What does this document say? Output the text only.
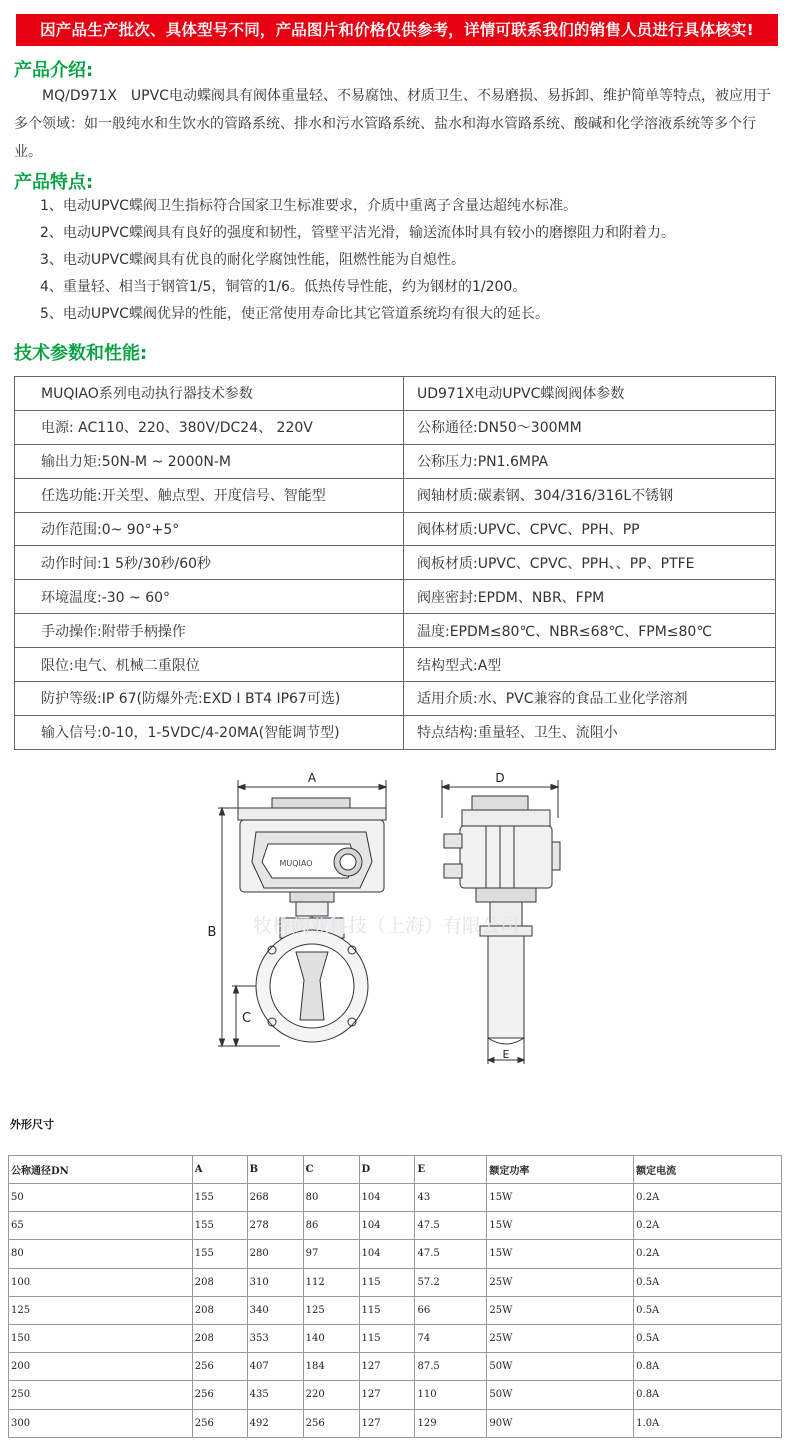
因产品生产批次、具体型号不同，产品图片和价格仅供参考，详情可联系我们的销售人员进行具体核实!
产品介绍:

　　MQ/D971X　UPVC电动蝶阀具有阀体重量轻、不易腐蚀、材质卫生、不易磨损、易拆卸、维护简单等特点，被应用于多个领域：如一般纯水和生饮水的管路系统、排水和污水管路系统、盐水和海水管路系统、酸碱和化学溶液系统等多个行业。

产品特点:
1、电动UPVC蝶阀卫生指标符合国家卫生标准要求，介质中重离子含量达超纯水标准。
2、电动UPVC蝶阀具有良好的强度和韧性，管壁平洁光滑，输送流体时具有较小的磨擦阻力和附着力。
3、电动UPVC蝶阀具有优良的耐化学腐蚀性能，阻燃性能为自熄性。
4、重量轻、相当于钢管1/5，铜管的1/6。低热传导性能，约为钢材的1/200。
5、电动UPVC蝶阀优异的性能，使正常使用寿命比其它管道系统均有很大的延长。
技术参数和性能:
MUQIAO系列电动执行器技术参数	UD971X电动UPVC蝶阀阀体参数
电源: AC110、220、380V/DC24、 220V	公称通径:DN50〜300MM
输出力矩:50N-M ~ 2000N-M	公称压力:PN1.6MPA
任选功能:开关型、触点型、开度信号、智能型	阀轴材质:碳素钢、304/316/316L不锈钢
动作范围:0~ 90°+5°	阀体材质:UPVC、CPVC、PPH、PP
动作时间:1 5秒/30秒/60秒	阀板材质:UPVC、CPVC、PPH、、PP、PTFE
环境温度:-30 ~ 60°	阀座密封:EPDM、NBR、FPM
手动操作:附带手柄操作	温度:EPDM≤80℃、NBR≤68℃、FPM≤80℃
限位:电气、机械二重限位	结构型式:A型
防护等级:IP 67(防爆外壳:EXD I BT4 IP67可选)	适用介质:水、PVC兼容的食品工业化学溶剂
输入信号:0-10，1-5VDC/4-20MA(智能调节型)	特点结构:重量轻、卫生、流阻小
A
B
C
D
E
MUQIAO
牧桥阀业科技（上海）有限公司
外形尺寸
公称通径DN	A	B	C	D	E	额定功率	额定电流
50	155	268	80	104	43	15W	0.2A
65	155	278	86	104	47.5	15W	0.2A
80	155	280	97	104	47.5	15W	0.2A
100	208	310	112	115	57.2	25W	0.5A
125	208	340	125	115	66	25W	0.5A
150	208	353	140	115	74	25W	0.5A
200	256	407	184	127	87.5	50W	0.8A
250	256	435	220	127	110	50W	0.8A
300	256	492	256	127	129	90W	1.0A
